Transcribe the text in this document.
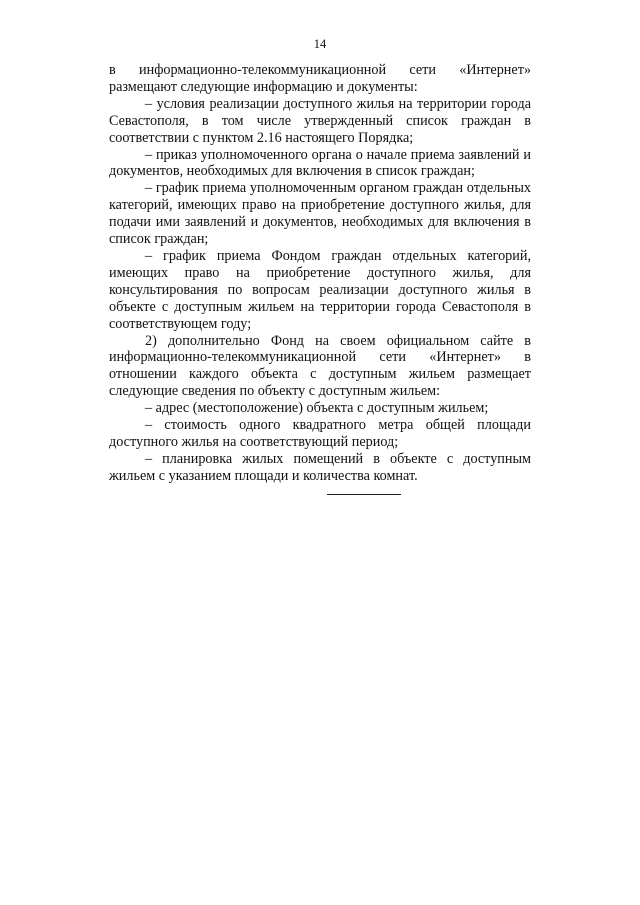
14

в информационно-телекоммуникационной сети «Интернет» размещают следующие информацию и документы:

– условия реализации доступного жилья на территории города Севастополя, в том числе утвержденный список граждан в соответствии с пунктом 2.16 настоящего Порядка;

– приказ уполномоченного органа о начале приема заявлений и документов, необходимых для включения в список граждан;

– график приема уполномоченным органом граждан отдельных категорий, имеющих право на приобретение доступного жилья, для подачи ими заявлений и документов, необходимых для включения в список граждан;

– график приема Фондом граждан отдельных категорий, имеющих право на приобретение доступного жилья, для консультирования по вопросам реализации доступного жилья в объекте с доступным жильем на территории города Севастополя в соответствующем году;

2) дополнительно Фонд на своем официальном сайте в информационно-телекоммуникационной сети «Интернет» в отношении каждого объекта с доступным жильем размещает следующие сведения по объекту с доступным жильем:

– адрес (местоположение) объекта с доступным жильем;

– стоимость одного квадратного метра общей площади доступного жилья на соответствующий период;

– планировка жилых помещений в объекте с доступным жильем с указанием площади и количества комнат.
